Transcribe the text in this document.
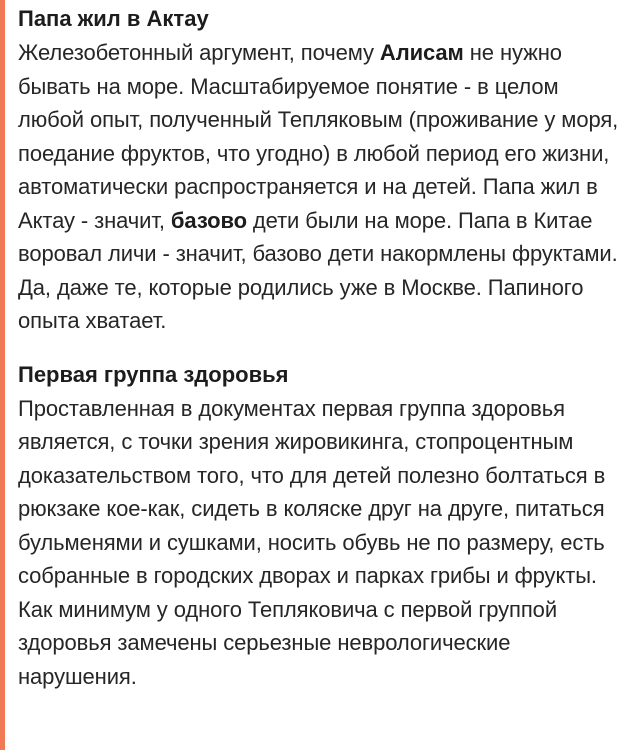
Папа жил в Актау

Железобетонный аргумент, почему Алисам не нужно бывать на море. Масштабируемое понятие - в целом любой опыт, полученный Тепляковым (проживание у моря, поедание фруктов, что угодно) в любой период его жизни, автоматически распространяется и на детей. Папа жил в Актау - значит, базово дети были на море. Папа в Китае воровал личи - значит, базово дети накормлены фруктами. Да, даже те, которые родились уже в Москве. Папиного опыта хватает.

Первая группа здоровья

Проставленная в документах первая группа здоровья является, с точки зрения жировикинга, стопроцентным доказательством того, что для детей полезно болтаться в рюкзаке кое-как, сидеть в коляске друг на друге, питаться бульменями и сушками, носить обувь не по размеру, есть собранные в городских дворах и парках грибы и фрукты. Как минимум у одного Тепляковича с первой группой здоровья замечены серьезные неврологические нарушения.
